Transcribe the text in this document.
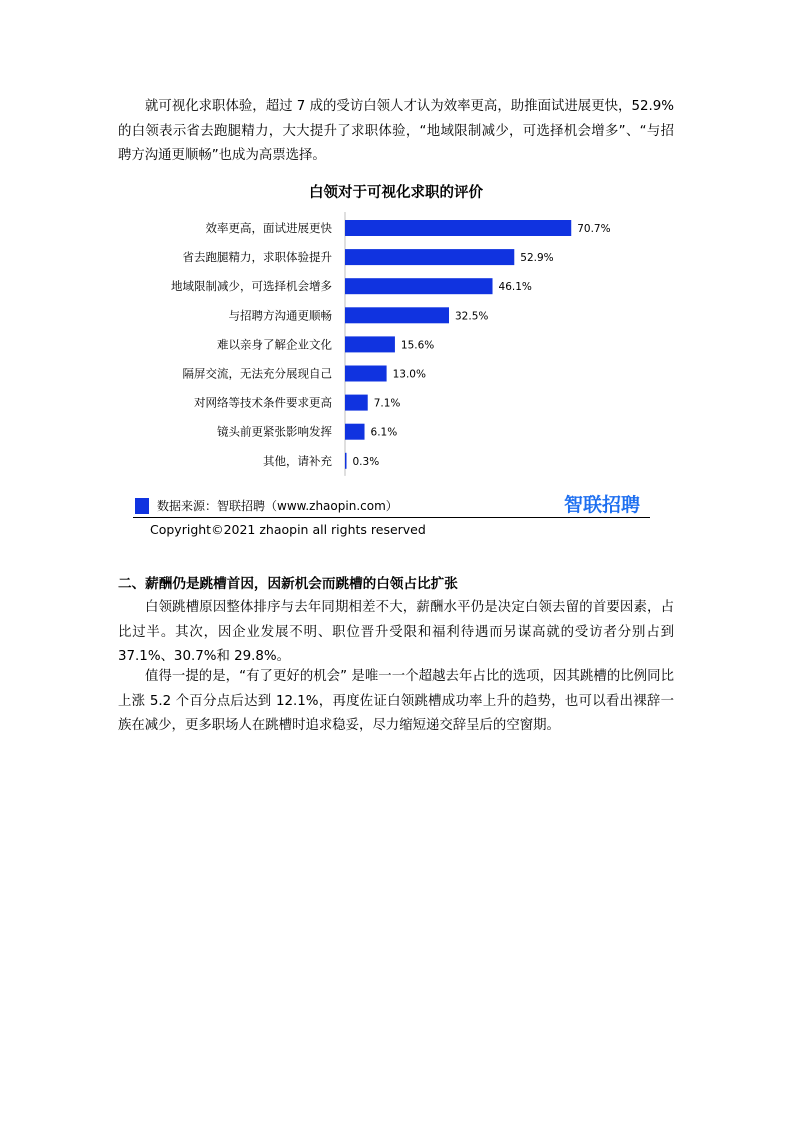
就可视化求职体验，超过 7 成的受访白领人才认为效率更高，助推面试进展更快，52.9%的白领表示省去跑腿精力，大大提升了求职体验，“地域限制减少，可选择机会增多”、“与招聘方沟通更顺畅”也成为高票选择。

白领对于可视化求职的评价
效率更高，面试进展更快	70.7%
省去跑腿精力，求职体验提升	52.9%
地域限制减少，可选择机会增多	46.1%
与招聘方沟通更顺畅	32.5%
难以亲身了解企业文化	15.6%
隔屏交流，无法充分展现自己	13.0%
对网络等技术条件要求更高	7.1%
镜头前更紧张影响发挥	6.1%
其他，请补充 0.3%
数据来源：智联招聘（www.zhaopin.com）	智联招聘
Copyright©2021 zhaopin all rights reserved

二、薪酬仍是跳槽首因，因新机会而跳槽的白领占比扩张

白领跳槽原因整体排序与去年同期相差不大，薪酬水平仍是决定白领去留的首要因素，占比过半。其次，因企业发展不明、职位晋升受限和福利待遇而另谋高就的受访者分别占到 37.1%、30.7%和 29.8%。

值得一提的是，“有了更好的机会” 是唯一一个超越去年占比的选项，因其跳槽的比例同比上涨 5.2 个百分点后达到 12.1%，再度佐证白领跳槽成功率上升的趋势，也可以看出裸辞一族在减少，更多职场人在跳槽时追求稳妥，尽力缩短递交辞呈后的空窗期。
